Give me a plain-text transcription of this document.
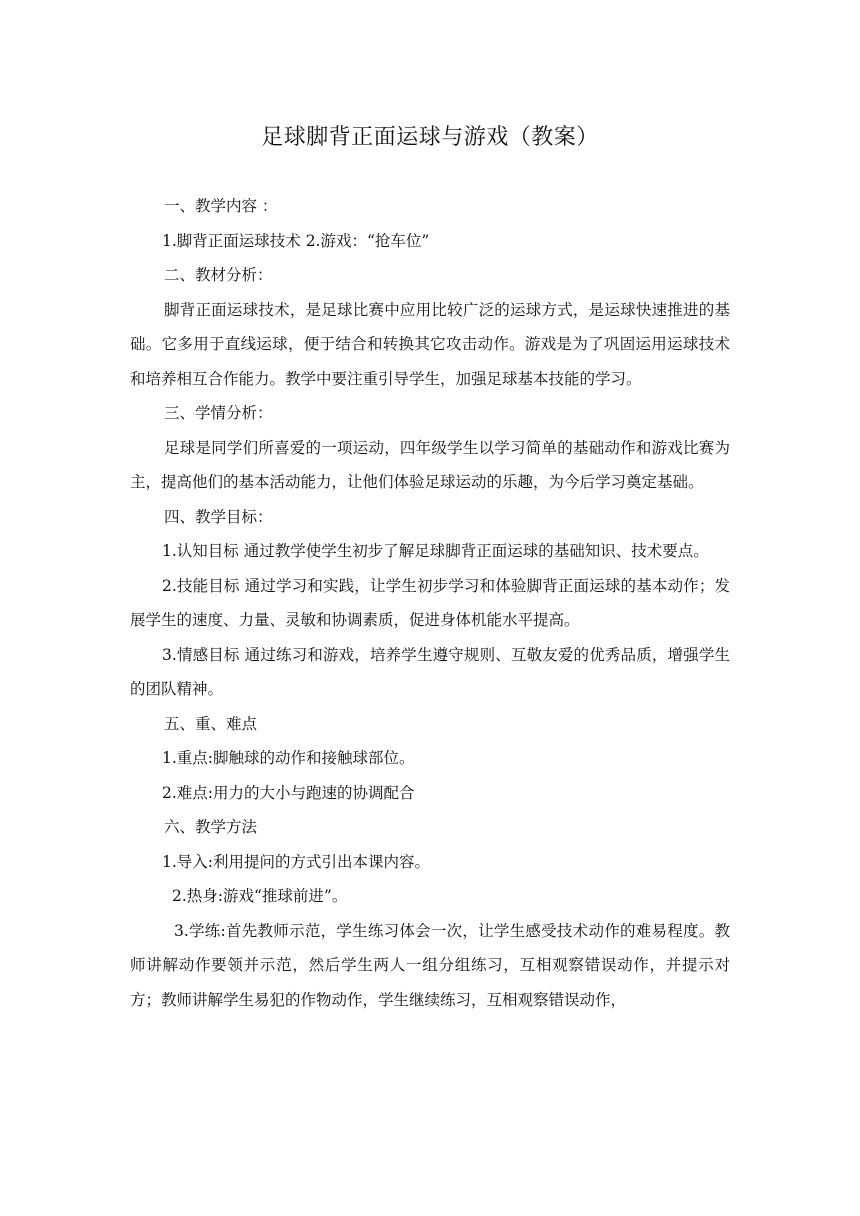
足球脚背正面运球与游戏（教案）

一、教学内容 ：

1.脚背正面运球技术 2.游戏：“抢车位”

二、教材分析：

脚背正面运球技术，是足球比赛中应用比较广泛的运球方式，是运球快速推进的基础。它多用于直线运球，便于结合和转换其它攻击动作。游戏是为了巩固运用运球技术和培养相互合作能力。教学中要注重引导学生，加强足球基本技能的学习。

三、学情分析：

足球是同学们所喜爱的一项运动，四年级学生以学习简单的基础动作和游戏比赛为主，提高他们的基本活动能力，让他们体验足球运动的乐趣，为今后学习奠定基础。

四、教学目标：

1.认知目标 通过教学使学生初步了解足球脚背正面运球的基础知识、技术要点。

2.技能目标 通过学习和实践，让学生初步学习和体验脚背正面运球的基本动作；发展学生的速度、力量、灵敏和协调素质，促进身体机能水平提高。

3.情感目标 通过练习和游戏，培养学生遵守规则、互敬友爱的优秀品质，增强学生的团队精神。

五、重、难点

1.重点:脚触球的动作和接触球部位。

2.难点:用力的大小与跑速的协调配合

六、教学方法

1.导入:利用提问的方式引出本课内容。

2.热身:游戏“推球前进”。

3.学练:首先教师示范，学生练习体会一次，让学生感受技术动作的难易程度。教师讲解动作要领并示范，然后学生两人一组分组练习，互相观察错误动作，并提示对方；教师讲解学生易犯的作物动作，学生继续练习，互相观察错误动作，
